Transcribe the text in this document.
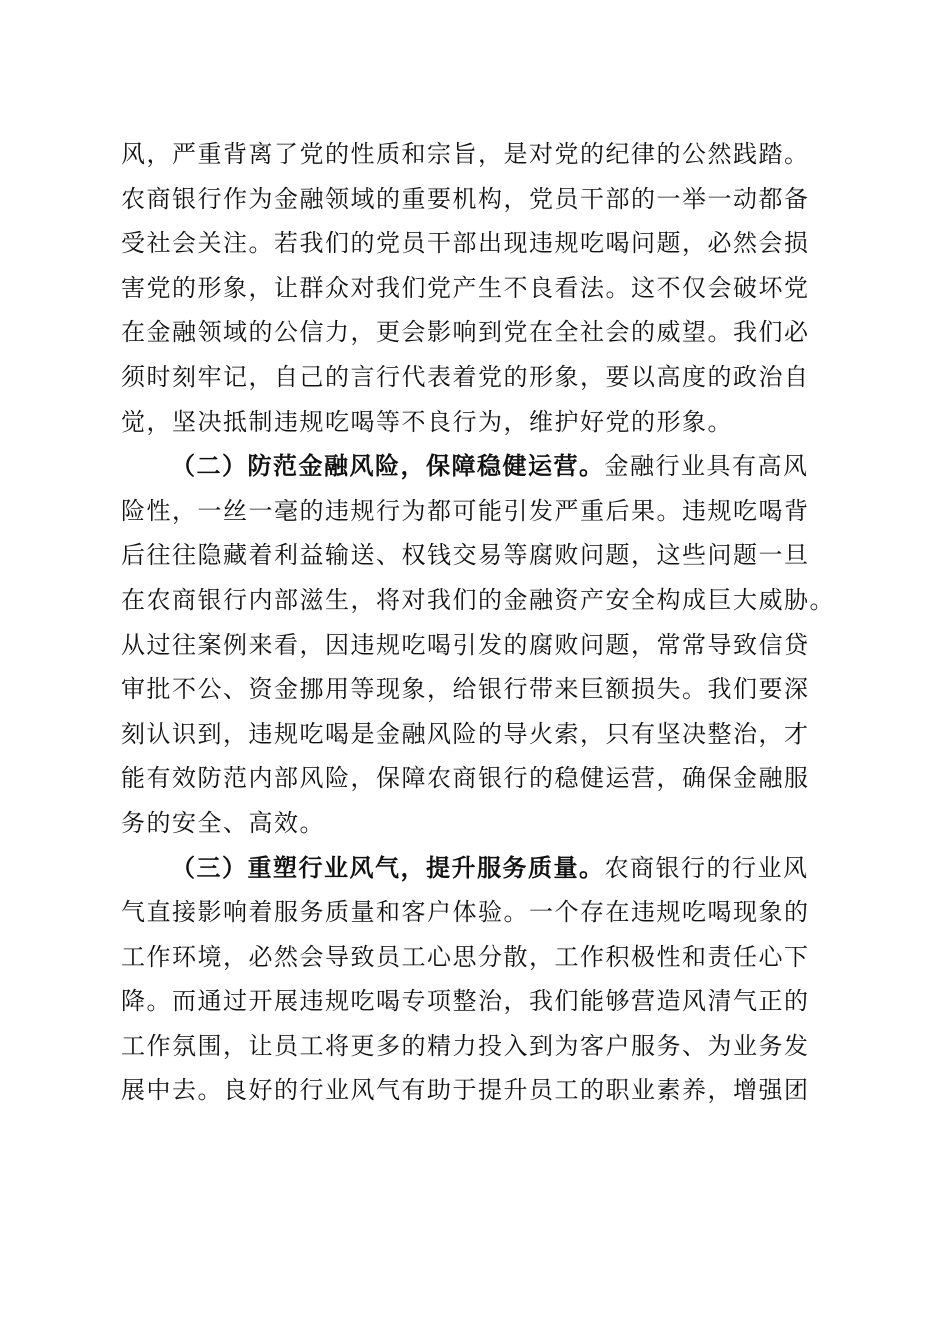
风，严重背离了党的性质和宗旨，是对党的纪律的公然践踏。
农商银行作为金融领域的重要机构，党员干部的一举一动都备
受社会关注。若我们的党员干部出现违规吃喝问题，必然会损
害党的形象，让群众对我们党产生不良看法。这不仅会破坏党
在金融领域的公信力，更会影响到党在全社会的威望。我们必
须时刻牢记，自己的言行代表着党的形象，要以高度的政治自
觉，坚决抵制违规吃喝等不良行为，维护好党的形象。
（二）防范金融风险，保障稳健运营。金融行业具有高风
险性，一丝一毫的违规行为都可能引发严重后果。违规吃喝背
后往往隐藏着利益输送、权钱交易等腐败问题，这些问题一旦
在农商银行内部滋生，将对我们的金融资产安全构成巨大威胁。
从过往案例来看，因违规吃喝引发的腐败问题，常常导致信贷
审批不公、资金挪用等现象，给银行带来巨额损失。我们要深
刻认识到，违规吃喝是金融风险的导火索，只有坚决整治，才
能有效防范内部风险，保障农商银行的稳健运营，确保金融服
务的安全、高效。
（三）重塑行业风气，提升服务质量。农商银行的行业风
气直接影响着服务质量和客户体验。一个存在违规吃喝现象的
工作环境，必然会导致员工心思分散，工作积极性和责任心下
降。而通过开展违规吃喝专项整治，我们能够营造风清气正的
工作氛围，让员工将更多的精力投入到为客户服务、为业务发
展中去。良好的行业风气有助于提升员工的职业素养，增强团
